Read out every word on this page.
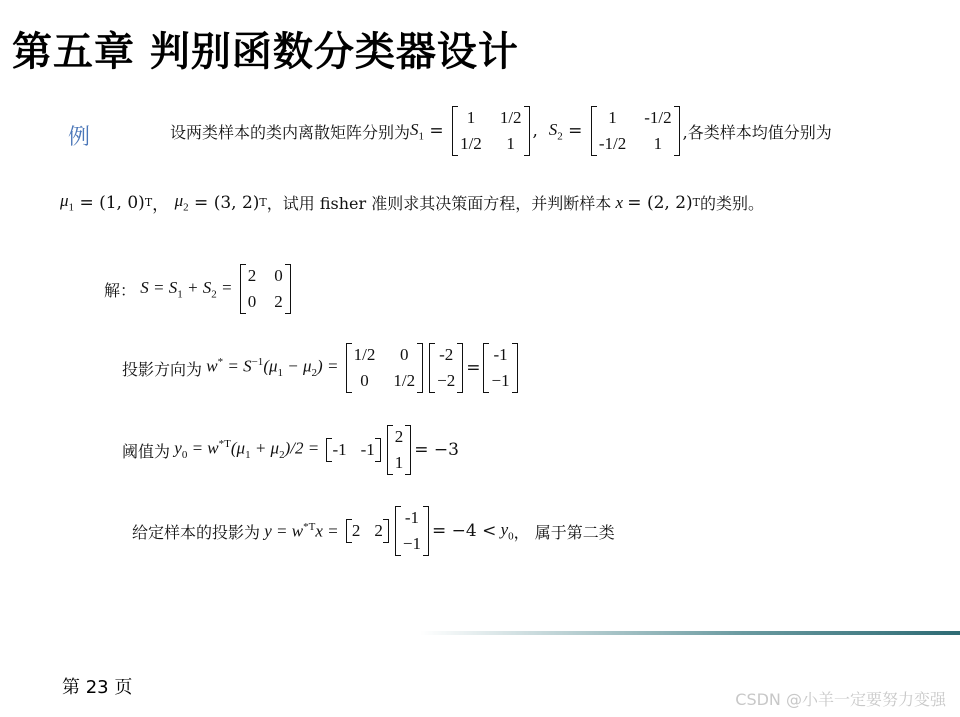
第五章 判别函数分类器设计
例	设两类样本的类内离散矩阵分别为 $S_1$ =
1	1/2
1/2	1
, $S_2$ =
1	-1/2
-1/2	1
,各类样本均值分别为
$\mu_1 = (1$, 0) T ， $\mu_2 = (3$, 2) T ，试用 fisher 准则求其决策面方程，并判断样本 x = (2, 2) T 的类别。
解： $S = S_1 + S_2$ =
2 0
0 2
投影方向为 $w^* = S^{-1}(\mu_1 - \mu_2)$ =
1/2	0
0	1/2
-2
−2
=
-1
−1
阈值为 $y_0 = w^{*T}(\mu_1 + \mu_2)/2 = -1$ -1
2
1
= −3
给定样本的投影为 $y = w^{*T}x = 2$ 2
-1
−1
= $-4 < y_0$ ， 属于第二类
第 23 页
CSDN @小羊一定要努力变强
